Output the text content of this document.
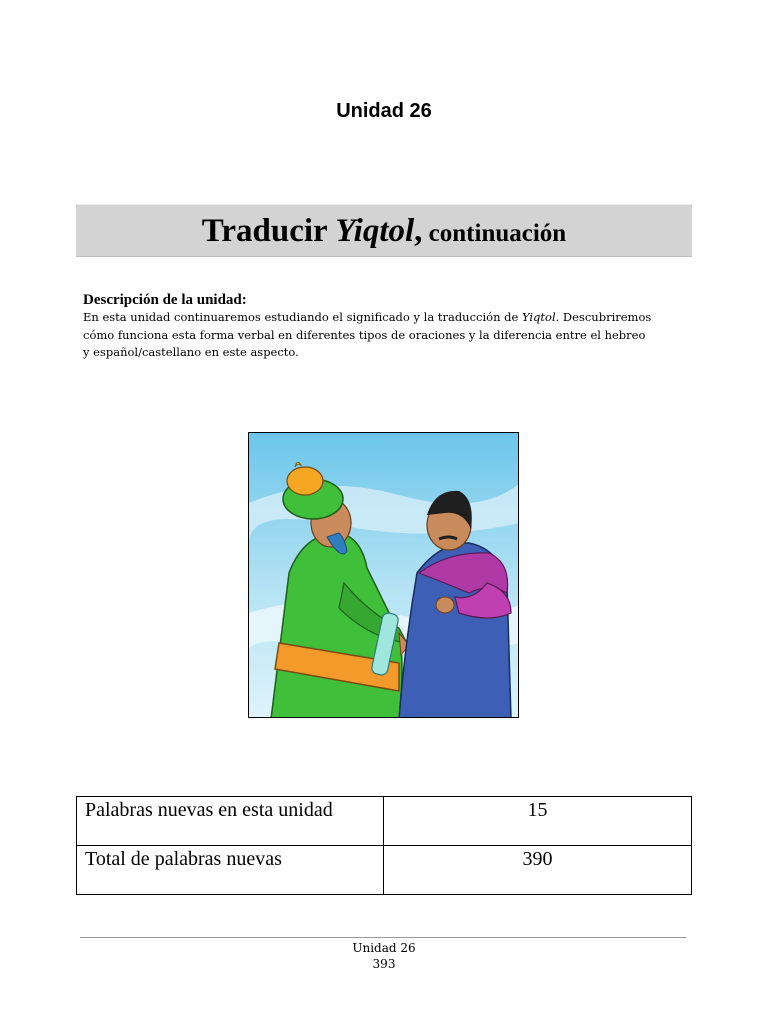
Unidad 26
Traducir Yiqtol, continuación
Descripción de la unidad:
En esta unidad continuaremos estudiando el significado y la traducción de Yiqtol. Descubriremos
cómo funciona esta forma verbal en diferentes tipos de oraciones y la diferencia entre el hebreo
y español/castellano en este aspecto.
Palabras nuevas en esta unidad	15
Total de palabras nuevas	390
Unidad 26
393
